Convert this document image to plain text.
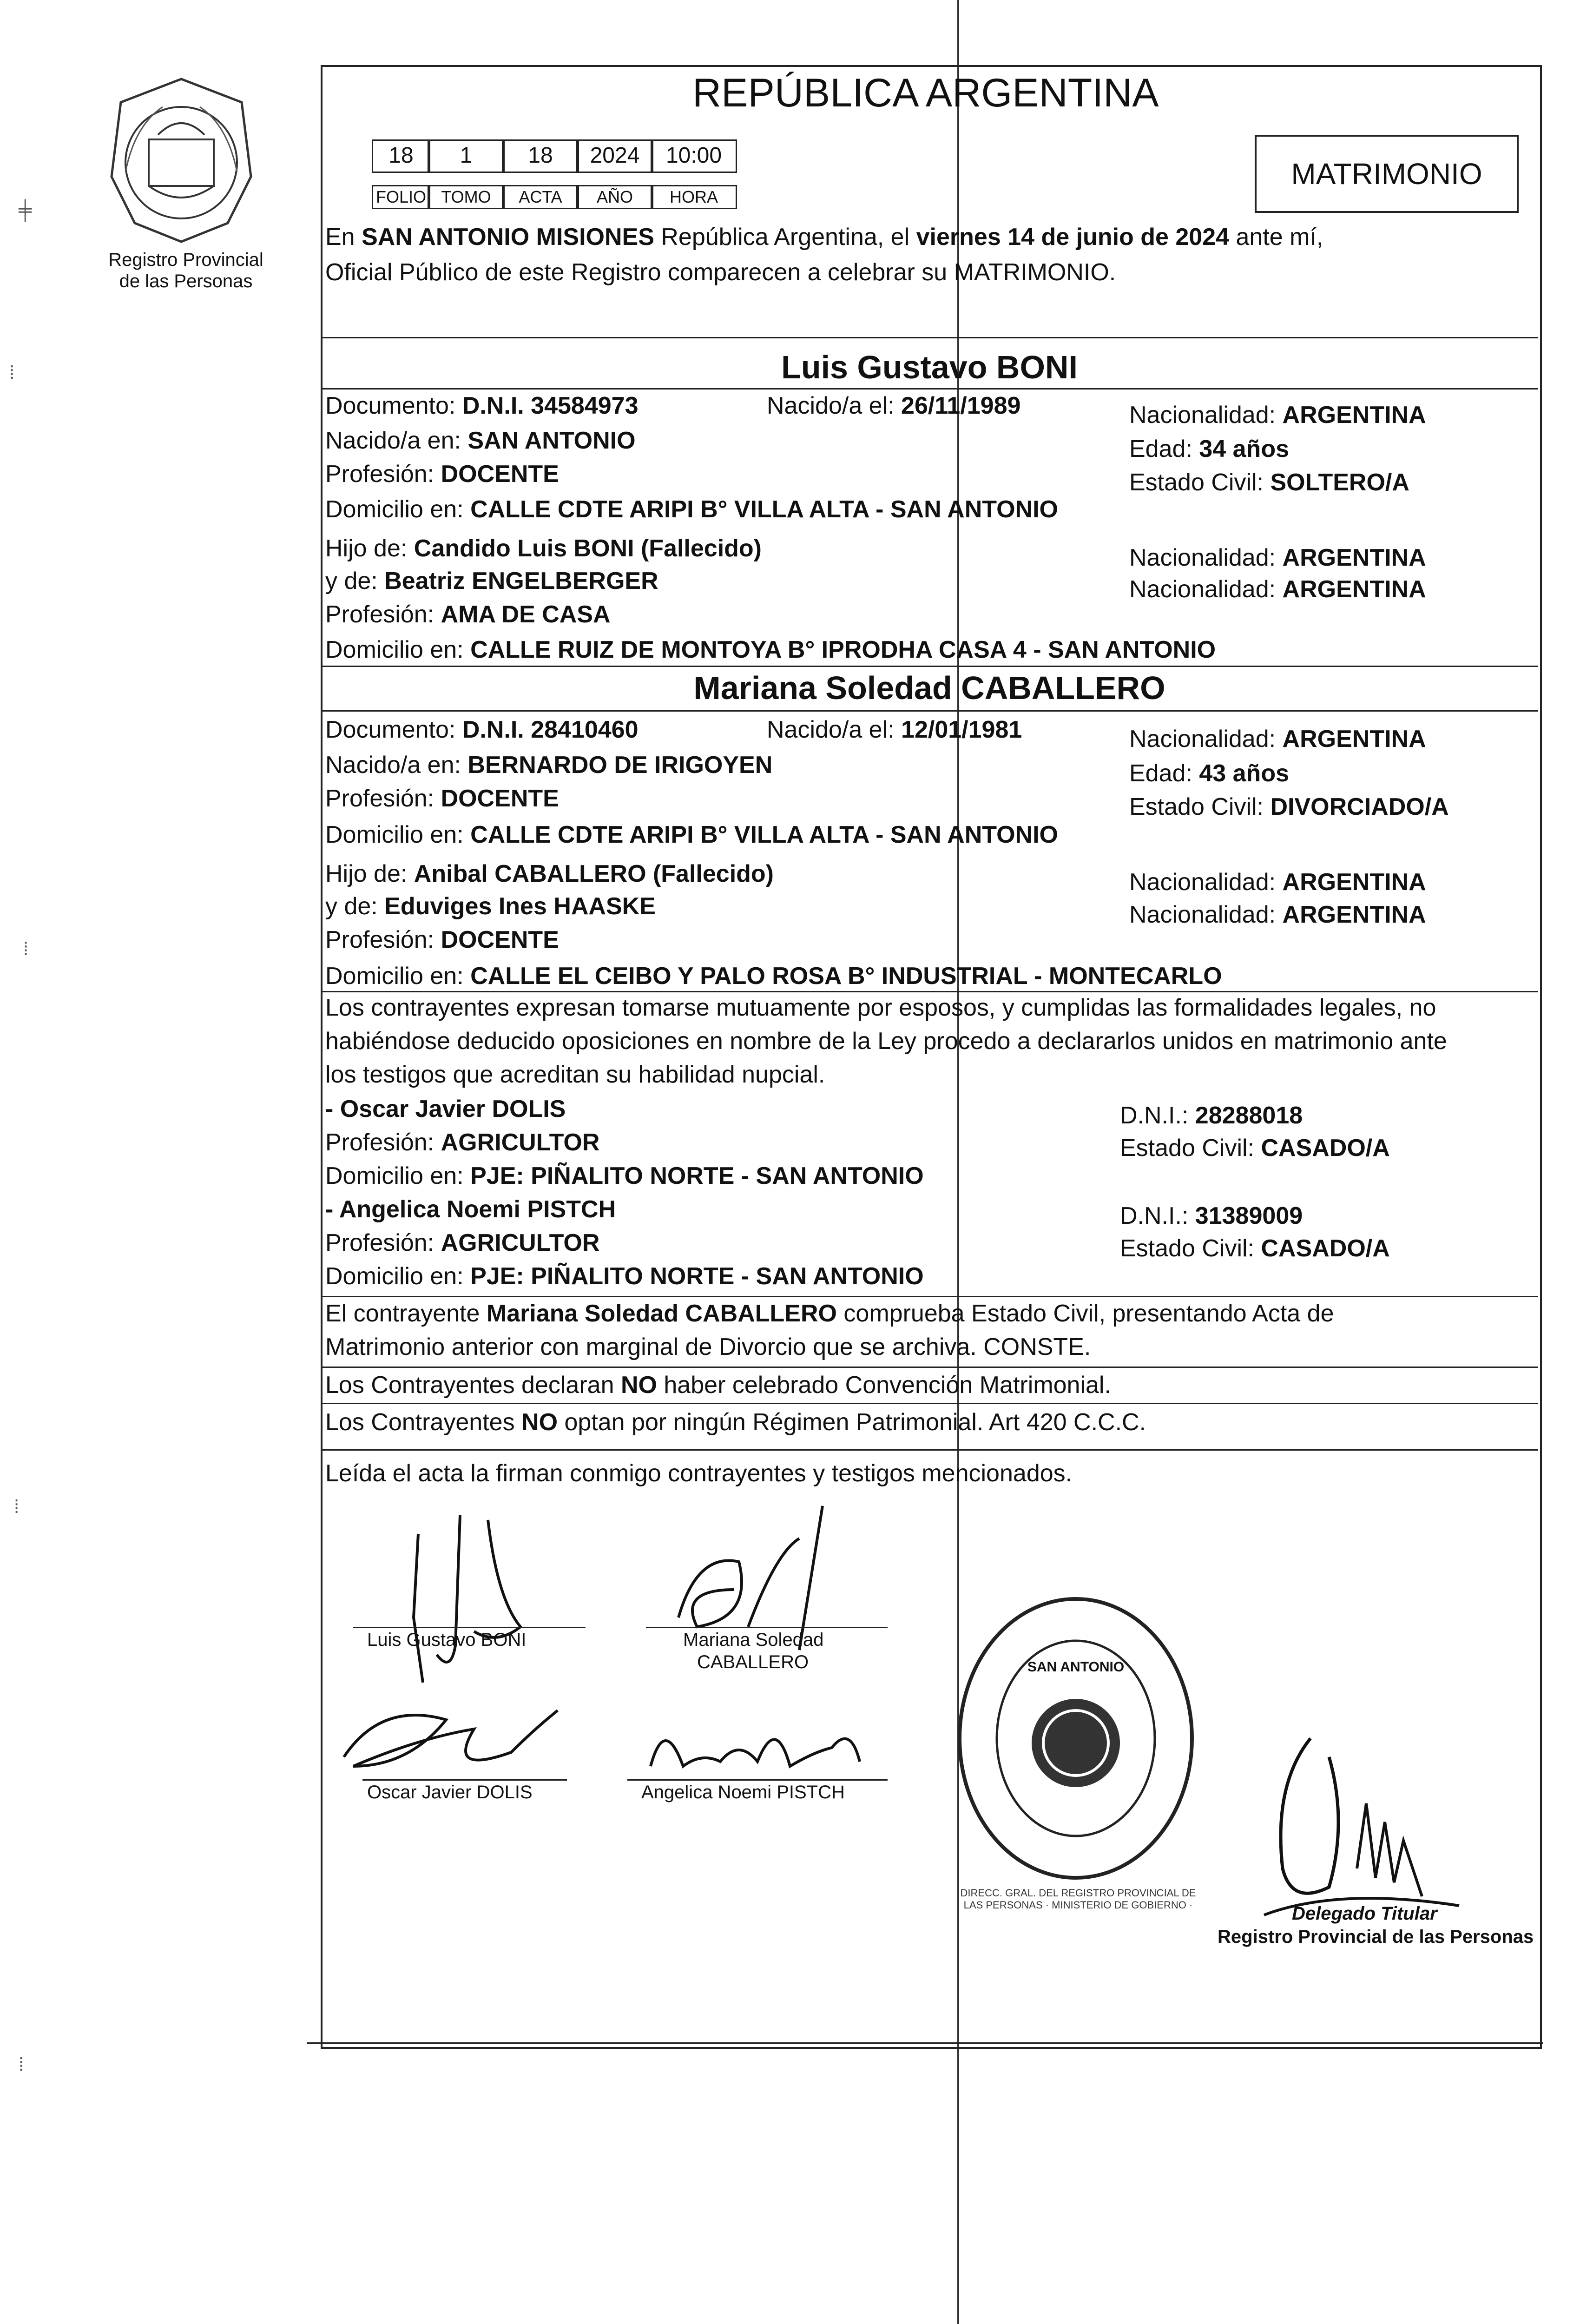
╪
⁞
⁞
⁞
⁞
Registro Provincial
de las Personas
REPÚBLICA ARGENTINA
18	1	18	2024	10:00
FOLIO TOMO	ACTA	AÑO	HORA
MATRIMONIO
En SAN ANTONIO MISIONES República Argentina, el viernes 14 de junio de 2024 ante mí,
Oficial Público de este Registro comparecen a celebrar su MATRIMONIO.
Luis Gustavo BONI
Documento: D.N.I. 34584973	Nacido/a el: 26/11/1989	Nacionalidad: ARGENTINA
Nacido/a en: SAN ANTONIO	Edad: 34 años
Profesión: DOCENTE	Estado Civil: SOLTERO/A
Domicilio en: CALLE CDTE ARIPI B° VILLA ALTA - SAN ANTONIO
Hijo de: Candido Luis BONI (Fallecido)	Nacionalidad: ARGENTINA
y de: Beatriz ENGELBERGER	Nacionalidad: ARGENTINA
Profesión: AMA DE CASA
Domicilio en: CALLE RUIZ DE MONTOYA B° IPRODHA CASA 4 - SAN ANTONIO
Mariana Soledad CABALLERO
Documento: D.N.I. 28410460	Nacido/a el: 12/01/1981	Nacionalidad: ARGENTINA
Nacido/a en: BERNARDO DE IRIGOYEN	Edad: 43 años
Profesión: DOCENTE	Estado Civil: DIVORCIADO/A
Domicilio en: CALLE CDTE ARIPI B° VILLA ALTA - SAN ANTONIO
Hijo de: Anibal CABALLERO (Fallecido)	Nacionalidad: ARGENTINA
y de: Eduviges Ines HAASKE	Nacionalidad: ARGENTINA
Profesión: DOCENTE
Domicilio en: CALLE EL CEIBO Y PALO ROSA B° INDUSTRIAL - MONTECARLO
Los contrayentes expresan tomarse mutuamente por esposos, y cumplidas las formalidades legales, no
habiéndose deducido oposiciones en nombre de la Ley procedo a declararlos unidos en matrimonio ante
los testigos que acreditan su habilidad nupcial.
- Oscar Javier DOLIS	D.N.I.: 28288018
Profesión: AGRICULTOR	Estado Civil: CASADO/A
Domicilio en: PJE: PIÑALITO NORTE - SAN ANTONIO
- Angelica Noemi PISTCH	D.N.I.: 31389009
Profesión: AGRICULTOR	Estado Civil: CASADO/A
Domicilio en: PJE: PIÑALITO NORTE - SAN ANTONIO
El contrayente Mariana Soledad CABALLERO comprueba Estado Civil, presentando Acta de
Matrimonio anterior con marginal de Divorcio que se archiva. CONSTE.
Los Contrayentes declaran NO haber celebrado Convención Matrimonial.
Los Contrayentes NO optan por ningún Régimen Patrimonial. Art 420 C.C.C.
Leída el acta la firman conmigo contrayentes y testigos mencionados.
Luis Gustavo BONI	Mariana Soledad
CABALLERO
Oscar Javier DOLIS	Angelica Noemi PISTCH
SAN ANTONIO
DIRECC. GRAL. DEL REGISTRO PROVINCIAL DE LAS PERSONAS · MINISTERIO DE GOBIERNO ·	Delegado Titular
Registro Provincial de las Personas
